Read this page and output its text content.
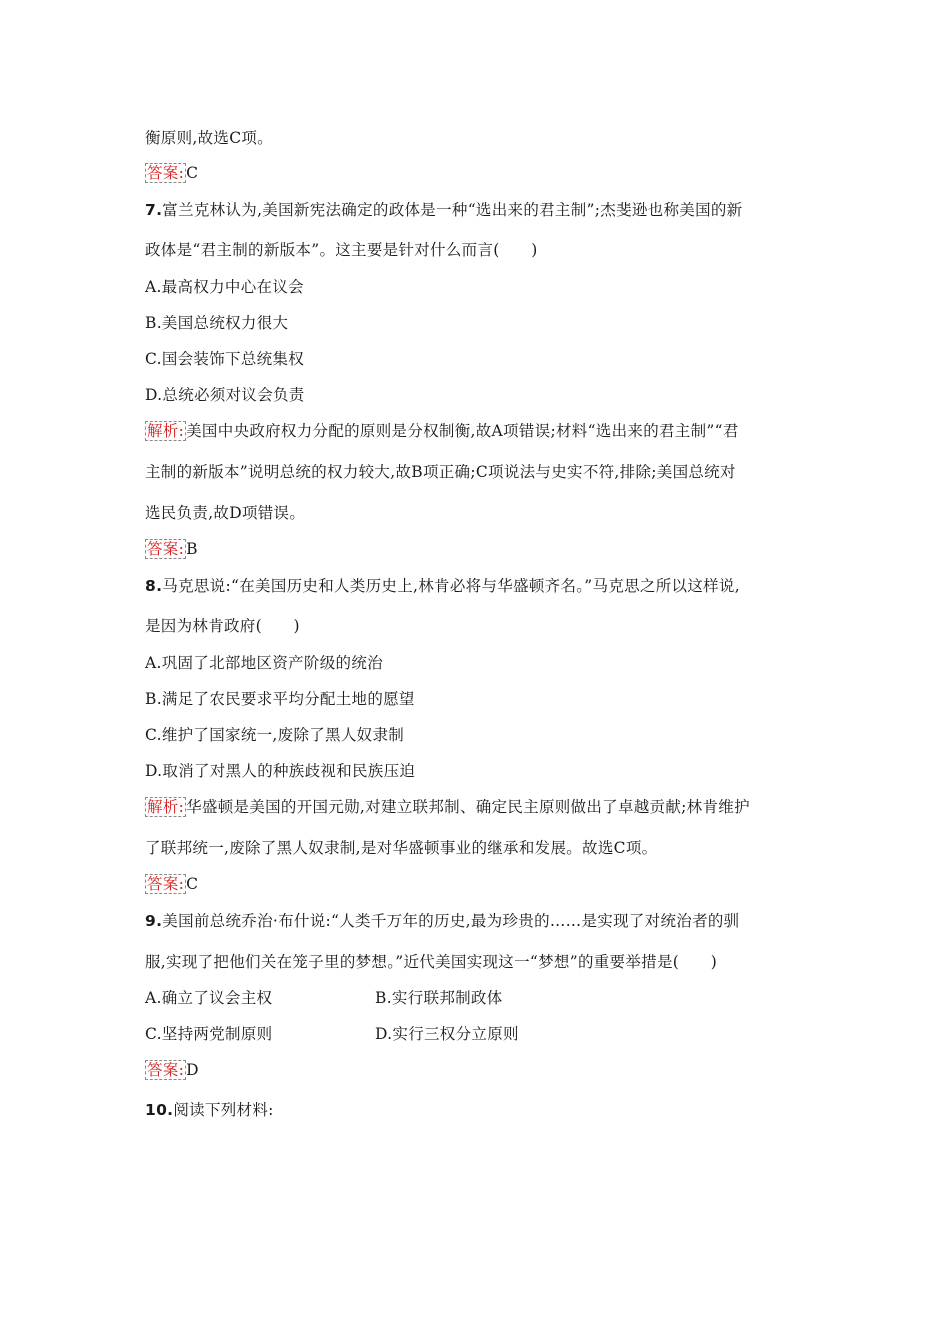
衡原则,故选C项。
答案: C
7.富兰克林认为,美国新宪法确定的政体是一种“选出来的君主制”;杰斐逊也称美国的新
政体是“君主制的新版本”。这主要是针对什么而言(　　)
A.最高权力中心在议会
B.美国总统权力很大
C.国会装饰下总统集权
D.总统必须对议会负责
解析: 美国中央政府权力分配的原则是分权制衡,故A项错误;材料“选出来的君主制”“君
主制的新版本”说明总统的权力较大,故B项正确;C项说法与史实不符,排除;美国总统对
选民负责,故D项错误。
答案: B
8.马克思说:“在美国历史和人类历史上,林肯必将与华盛顿齐名。”马克思之所以这样说,
是因为林肯政府(　　)
A.巩固了北部地区资产阶级的统治
B.满足了农民要求平均分配土地的愿望
C.维护了国家统一,废除了黑人奴隶制
D.取消了对黑人的种族歧视和民族压迫
解析: 华盛顿是美国的开国元勋,对建立联邦制、确定民主原则做出了卓越贡献;林肯维护
了联邦统一,废除了黑人奴隶制,是对华盛顿事业的继承和发展。故选C项。
答案: C
9.美国前总统乔治·布什说:“人类千万年的历史,最为珍贵的……是实现了对统治者的驯
服,实现了把他们关在笼子里的梦想。”近代美国实现这一“梦想”的重要举措是(　　)
A.确立了议会主权	B.实行联邦制政体
C.坚持两党制原则	D.实行三权分立原则
答案: D
10.阅读下列材料:
